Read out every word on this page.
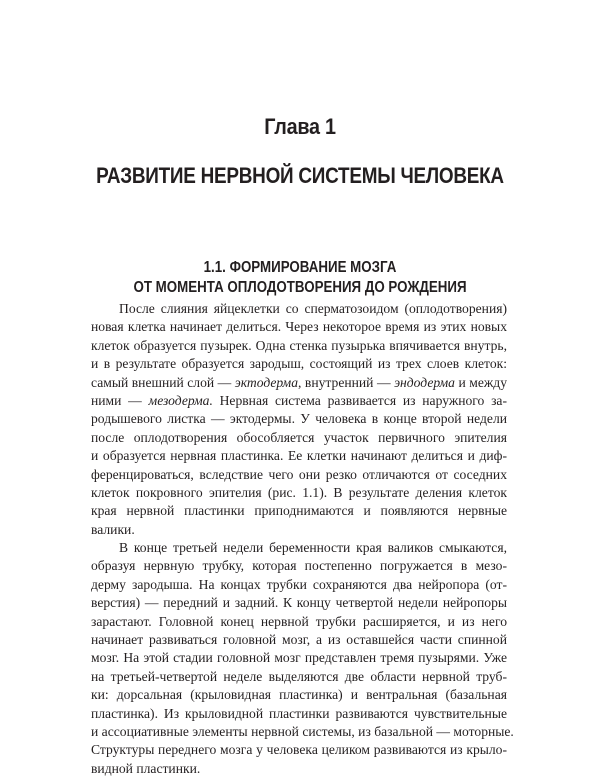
Глава 1
РАЗВИТИЕ НЕРВНОЙ СИСТЕМЫ ЧЕЛОВЕКА
1.1. ФОРМИРОВАНИЕ МОЗГА
ОТ МОМЕНТА ОПЛОДОТВОРЕНИЯ ДО РОЖДЕНИЯ
После слияния яйцеклетки со сперматозоидом (оплодотворения)
новая клетка начинает делиться. Через некоторое время из этих новых
клеток образуется пузырек. Одна стенка пузырька впячивается внутрь,
и в результате образуется зародыш, состоящий из трех слоев клеток:
самый внешний слой — эктодерма, внутренний — эндодерма и между
ними — мезодерма. Нервная система развивается из наружного за-
родышевого листка — эктодермы. У человека в конце второй недели
после оплодотворения обособляется участок первичного эпителия
и образуется нервная пластинка. Ее клетки начинают делиться и диф-
ференцироваться, вследствие чего они резко отличаются от соседних
клеток покровного эпителия (рис. 1.1). В результате деления клеток
края нервной пластинки приподнимаются и появляются нервные
валики.
В конце третьей недели беременности края валиков смыкаются,
образуя нервную трубку, которая постепенно погружается в мезо-
дерму зародыша. На концах трубки сохраняются два нейропора (от-
верстия) — передний и задний. К концу четвертой недели нейропоры
зарастают. Головной конец нервной трубки расширяется, и из него
начинает развиваться головной мозг, а из оставшейся части спинной
мозг. На этой стадии головной мозг представлен тремя пузырями. Уже
на третьей-четвертой неделе выделяются две области нервной труб-
ки: дорсальная (крыловидная пластинка) и вентральная (базальная
пластинка). Из крыловидной пластинки развиваются чувствительные
и ассоциативные элементы нервной системы, из базальной — моторные.
Структуры переднего мозга у человека целиком развиваются из крыло-
видной пластинки.
